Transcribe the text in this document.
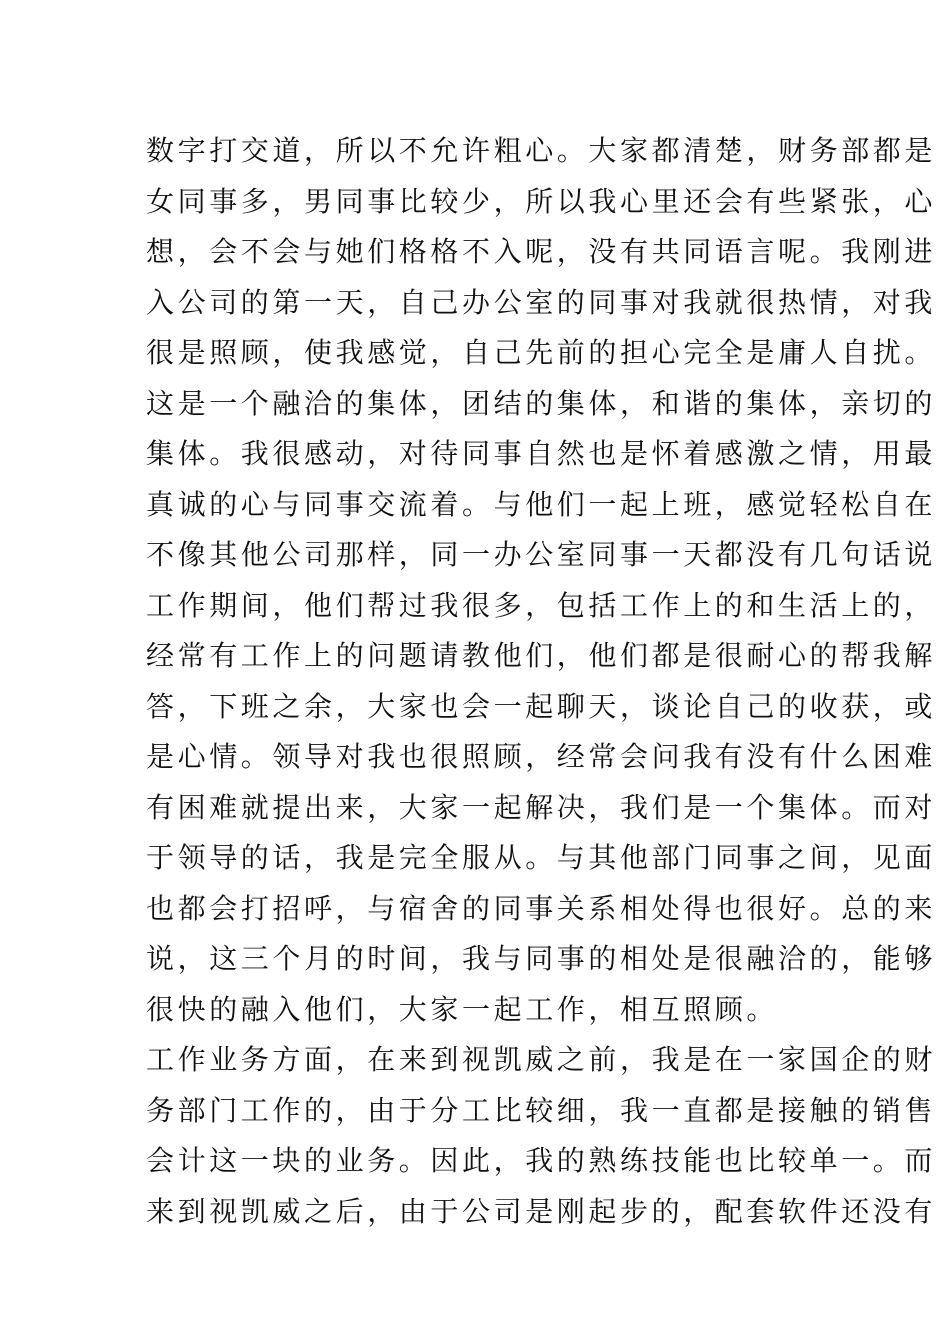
数字打交道，所以不允许粗心。大家都清楚，财务部都是
女同事多，男同事比较少，所以我心里还会有些紧张，心
想，会不会与她们格格不入呢，没有共同语言呢。我刚进
入公司的第一天，自己办公室的同事对我就很热情，对我
很是照顾，使我感觉，自己先前的担心完全是庸人自扰。
这是一个融洽的集体，团结的集体，和谐的集体，亲切的
集体。我很感动，对待同事自然也是怀着感激之情，用最
真诚的心与同事交流着。与他们一起上班，感觉轻松自在
不像其他公司那样，同一办公室同事一天都没有几句话说
工作期间，他们帮过我很多，包括工作上的和生活上的，
经常有工作上的问题请教他们，他们都是很耐心的帮我解
答，下班之余，大家也会一起聊天，谈论自己的收获，或
是心情。领导对我也很照顾，经常会问我有没有什么困难
有困难就提出来，大家一起解决，我们是一个集体。而对
于领导的话，我是完全服从。与其他部门同事之间，见面
也都会打招呼，与宿舍的同事关系相处得也很好。总的来
说，这三个月的时间，我与同事的相处是很融洽的，能够
很快的融入他们，大家一起工作，相互照顾。
工作业务方面，在来到视凯威之前，我是在一家国企的财
务部门工作的，由于分工比较细，我一直都是接触的销售
会计这一块的业务。因此，我的熟练技能也比较单一。而
来到视凯威之后，由于公司是刚起步的，配套软件还没有
